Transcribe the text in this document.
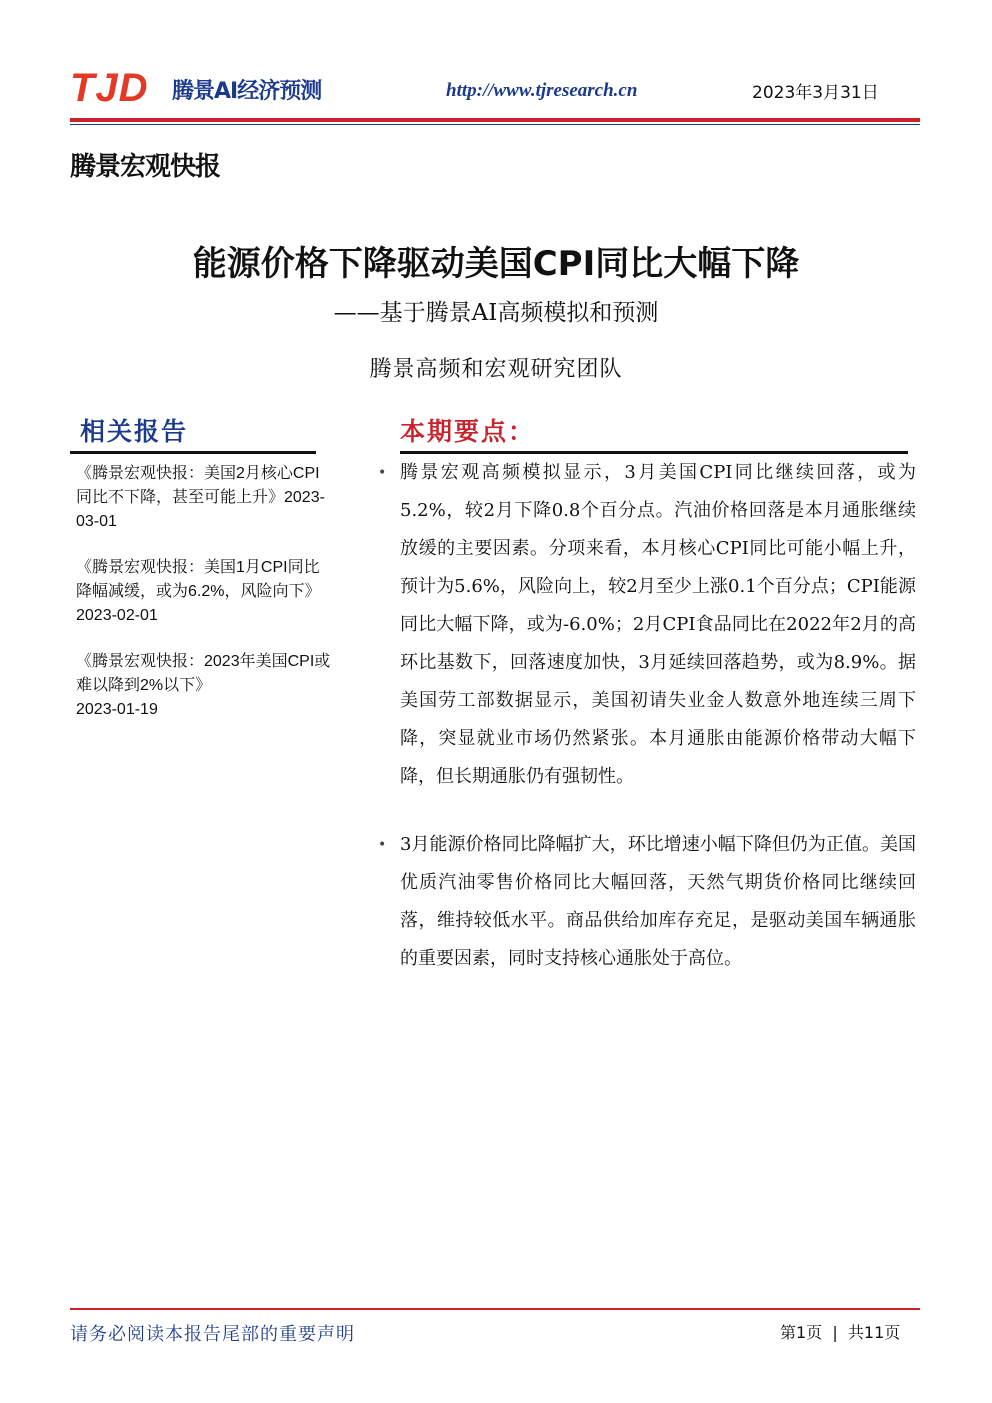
TJD 腾景AI经济预测	http://www.tjresearch.cn	2023年3月31日
腾景宏观快报
能源价格下降驱动美国CPI同比大幅下降
——基于腾景AI高频模拟和预测
腾景高频和宏观研究团队
相关报告
《腾景宏观快报：美国2月核心CPI同比不下降，甚至可能上升》2023-03-01
《腾景宏观快报：美国1月CPI同比降幅减缓，或为6.2%，风险向下》2023-02-01
《腾景宏观快报：2023年美国CPI或难以降到2%以下》
2023-01-19
本期要点：
• 腾景宏观高频模拟显示，3月美国CPI同比继续回落，或为5.2%，较2月下降0.8个百分点。汽油价格回落是本月通胀继续放缓的主要因素。分项来看，本月核心CPI同比可能小幅上升，预计为5.6%，风险向上，较2月至少上涨0.1个百分点；CPI能源同比大幅下降，或为-6.0%；2月CPI食品同比在2022年2月的高环比基数下，回落速度加快，3月延续回落趋势，或为8.9%。据美国劳工部数据显示，美国初请失业金人数意外地连续三周下降，突显就业市场仍然紧张。本月通胀由能源价格带动大幅下降，但长期通胀仍有强韧性。
• 3月能源价格同比降幅扩大，环比增速小幅下降但仍为正值。美国优质汽油零售价格同比大幅回落，天然气期货价格同比继续回落，维持较低水平。商品供给加库存充足，是驱动美国车辆通胀的重要因素，同时支持核心通胀处于高位。
请务必阅读本报告尾部的重要声明	第1页  |  共11页
